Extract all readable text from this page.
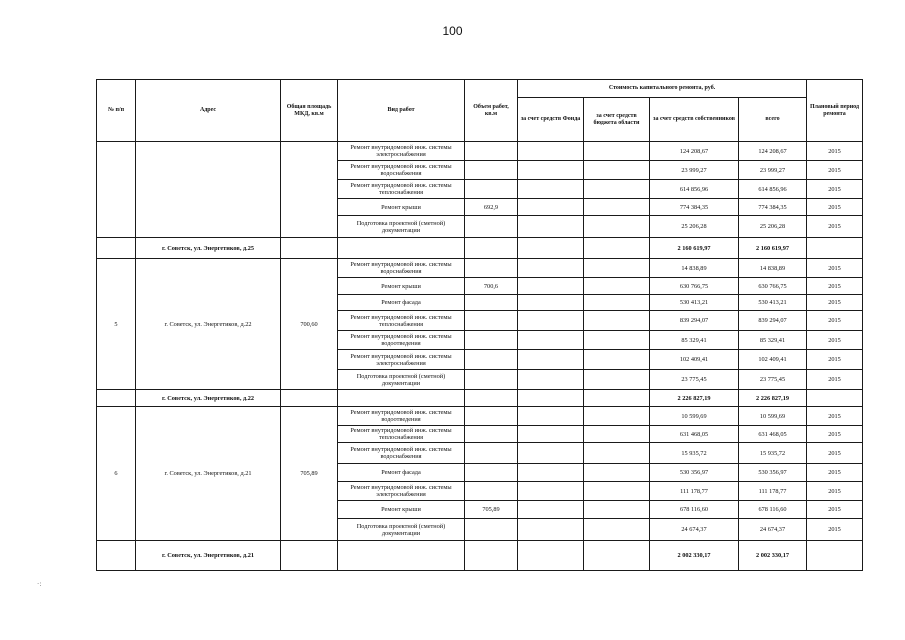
100
№ п/п	Адрес	Общая площадь МКД, кв.м	Вид работ	Объем работ, кв.м	Стоимость капитального ремонта, руб.				Плановый период ремонта
					за счет средств Фонда	за счет средств бюджета области	за счет средств собственников	всего	
			Ремонт внутридомовой инж. системы электроснабжения				124 208,67	124 208,67	2015
			Ремонт внутридомовой инж. системы водоснабжения				23 999,27	23 999,27	2015
			Ремонт внутридомовой инж. системы теплоснабжения				614 856,96	614 856,96	2015
			Ремонт крыши	692,9			774 384,35	774 384,35	2015
			Подготовка проектной (сметной) документации				25 206,28	25 206,28	2015
	г. Советск, ул. Энергетиков, д.25						2 160 619,97	2 160 619,97	
5	г. Советск, ул. Энергетиков, д.22	700,60	Ремонт внутридомовой инж. системы водоснабжения				14 838,89	14 838,89	2015
			Ремонт крыши	700,6			630 766,75	630 766,75	2015
			Ремонт фасада				530 413,21	530 413,21	2015
			Ремонт внутридомовой инж. системы теплоснабжения				839 294,07	839 294,07	2015
			Ремонт внутридомовой инж. системы водоотведения				85 329,41	85 329,41	2015
			Ремонт внутридомовой инж. системы электроснабжения				102 409,41	102 409,41	2015
			Подготовка проектной (сметной) документации				23 775,45	23 775,45	2015
	г. Советск, ул. Энергетиков, д.22						2 226 827,19	2 226 827,19	
6	г. Советск, ул. Энергетиков, д.21	705,89	Ремонт внутридомовой инж. системы водоотведения				10 599,69	10 599,69	2015
			Ремонт внутридомовой инж. системы теплоснабжения				631 468,05	631 468,05	2015
			Ремонт внутридомовой инж. системы водоснабжения				15 935,72	15 935,72	2015
			Ремонт фасада				530 356,97	530 356,97	2015
			Ремонт внутридомовой инж. системы электроснабжения				111 178,77	111 178,77	2015
			Ремонт крыши	705,89			678 116,60	678 116,60	2015
			Подготовка проектной (сметной) документации				24 674,37	24 674,37	2015
	г. Советск, ул. Энергетиков, д.21						2 002 330,17	2 002 330,17	
·:
